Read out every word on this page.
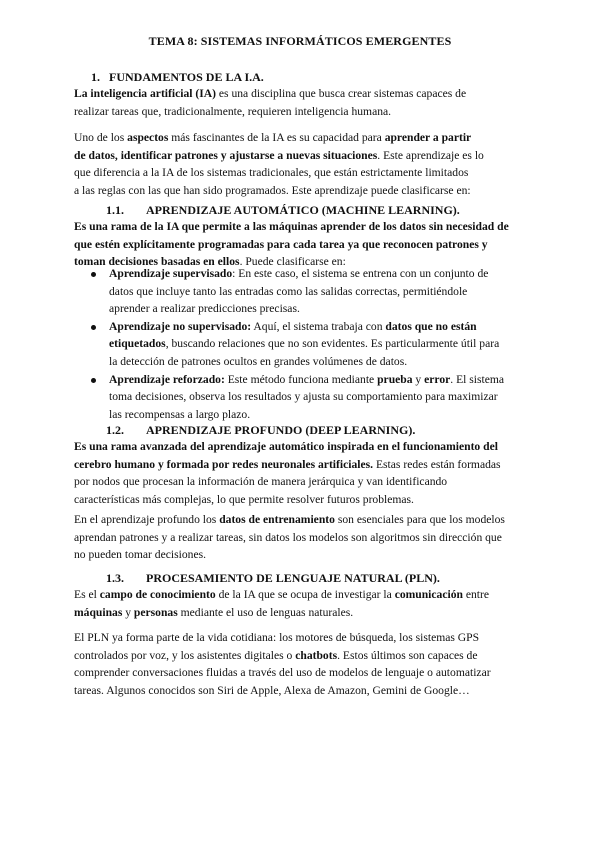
TEMA 8: SISTEMAS INFORMÁTICOS EMERGENTES
1. FUNDAMENTOS DE LA I.A.
La inteligencia artificial (IA) es una disciplina que busca crear sistemas capaces de
realizar tareas que, tradicionalmente, requieren inteligencia humana.
Uno de los aspectos más fascinantes de la IA es su capacidad para aprender a partir
de datos, identificar patrones y ajustarse a nuevas situaciones. Este aprendizaje es lo
que diferencia a la IA de los sistemas tradicionales, que están estrictamente limitados
a las reglas con las que han sido programados. Este aprendizaje puede clasificarse en:
1.1. APRENDIZAJE AUTOMÁTICO (MACHINE LEARNING).
Es una rama de la IA que permite a las máquinas aprender de los datos sin necesidad de
que estén explícitamente programadas para cada tarea ya que reconocen patrones y
toman decisiones basadas en ellos. Puede clasificarse en:
Aprendizaje supervisado: En este caso, el sistema se entrena con un conjunto de
datos que incluye tanto las entradas como las salidas correctas, permitiéndole
aprender a realizar predicciones precisas.
Aprendizaje no supervisado: Aquí, el sistema trabaja con datos que no están
etiquetados, buscando relaciones que no son evidentes. Es particularmente útil para
la detección de patrones ocultos en grandes volúmenes de datos.
Aprendizaje reforzado: Este método funciona mediante prueba y error. El sistema
toma decisiones, observa los resultados y ajusta su comportamiento para maximizar
las recompensas a largo plazo.
1.2. APRENDIZAJE PROFUNDO (DEEP LEARNING).
Es una rama avanzada del aprendizaje automático inspirada en el funcionamiento del
cerebro humano y formada por redes neuronales artificiales. Estas redes están formadas
por nodos que procesan la información de manera jerárquica y van identificando
características más complejas, lo que permite resolver futuros problemas.
En el aprendizaje profundo los datos de entrenamiento son esenciales para que los modelos
aprendan patrones y a realizar tareas, sin datos los modelos son algoritmos sin dirección que
no pueden tomar decisiones.
1.3. PROCESAMIENTO DE LENGUAJE NATURAL (PLN).
Es el campo de conocimiento de la IA que se ocupa de investigar la comunicación entre
máquinas y personas mediante el uso de lenguas naturales.
El PLN ya forma parte de la vida cotidiana: los motores de búsqueda, los sistemas GPS
controlados por voz, y los asistentes digitales o chatbots. Estos últimos son capaces de
comprender conversaciones fluidas a través del uso de modelos de lenguaje o automatizar
tareas. Algunos conocidos son Siri de Apple, Alexa de Amazon, Gemini de Google…
